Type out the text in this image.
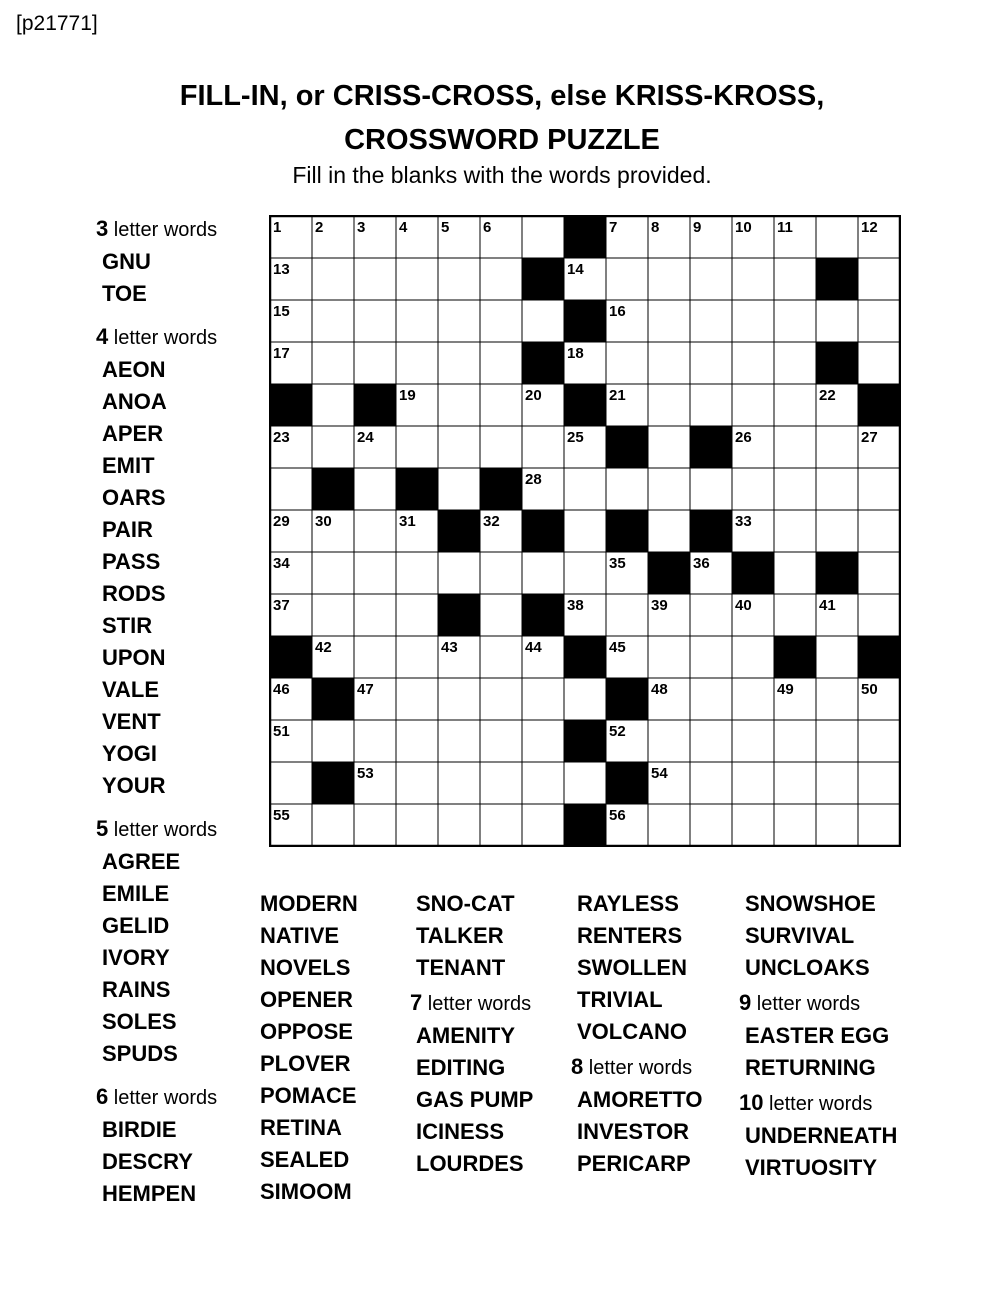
[p21771]
FILL-IN, or CRISS-CROSS, else KRISS-KROSS,
CROSSWORD PUZZLE
Fill in the blanks with the words provided.
1 2 3 4 5 6	7 8 9 10 11	12
13	14
15	16
17	18
19	20	21	22
23	24	25	26	27
28
29 30	31	32	33
34	35	36
37	38	39	40	41
42	43	44	45
46	47	48	49	50
51	52
53	54
55	56
3 letter words
GNU
TOE
4 letter words
AEON
ANOA
APER
EMIT
OARS
PAIR
PASS
RODS
STIR
UPON
VALE
VENT
YOGI
YOUR
5 letter words
AGREE
EMILE
GELID
IVORY
RAINS
SOLES
SPUDS
6 letter words
BIRDIE
DESCRY
HEMPEN
MODERN
NATIVE
NOVELS
OPENER
OPPOSE
PLOVER
POMACE
RETINA
SEALED
SIMOOM
SNO-CAT
TALKER
TENANT
7 letter words
AMENITY
EDITING
GAS PUMP
ICINESS
LOURDES
RAYLESS
RENTERS
SWOLLEN
TRIVIAL
VOLCANO
8 letter words
AMORETTO
INVESTOR
PERICARP
SNOWSHOE
SURVIVAL
UNCLOAKS
9 letter words
EASTER EGG
RETURNING
10 letter words
UNDERNEATH
VIRTUOSITY
